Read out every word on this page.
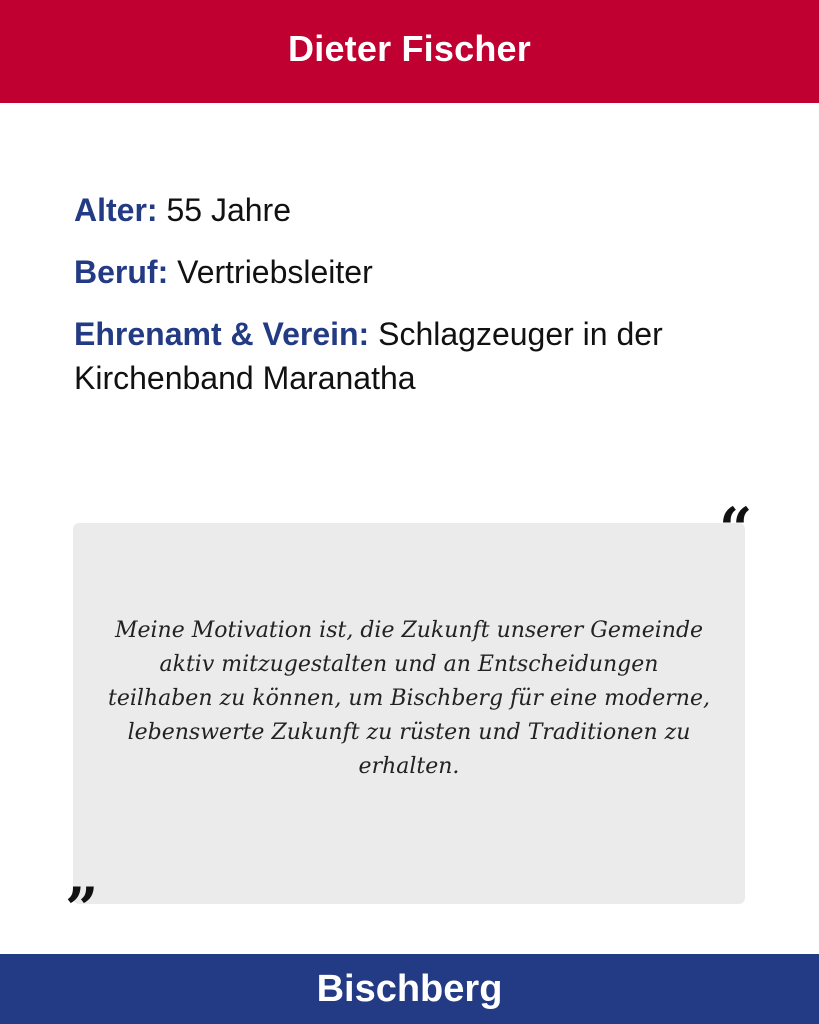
Dieter Fischer
Alter: 55 Jahre
Beruf: Vertriebsleiter
Ehrenamt & Verein: Schlagzeuger in der Kirchenband Maranatha
Meine Motivation ist, die Zukunft unserer Gemeinde aktiv mitzugestalten und an Entscheidungen teilhaben zu können, um Bischberg für eine moderne, lebenswerte Zukunft zu rüsten und Traditionen zu erhalten.
“
”
Bischberg
